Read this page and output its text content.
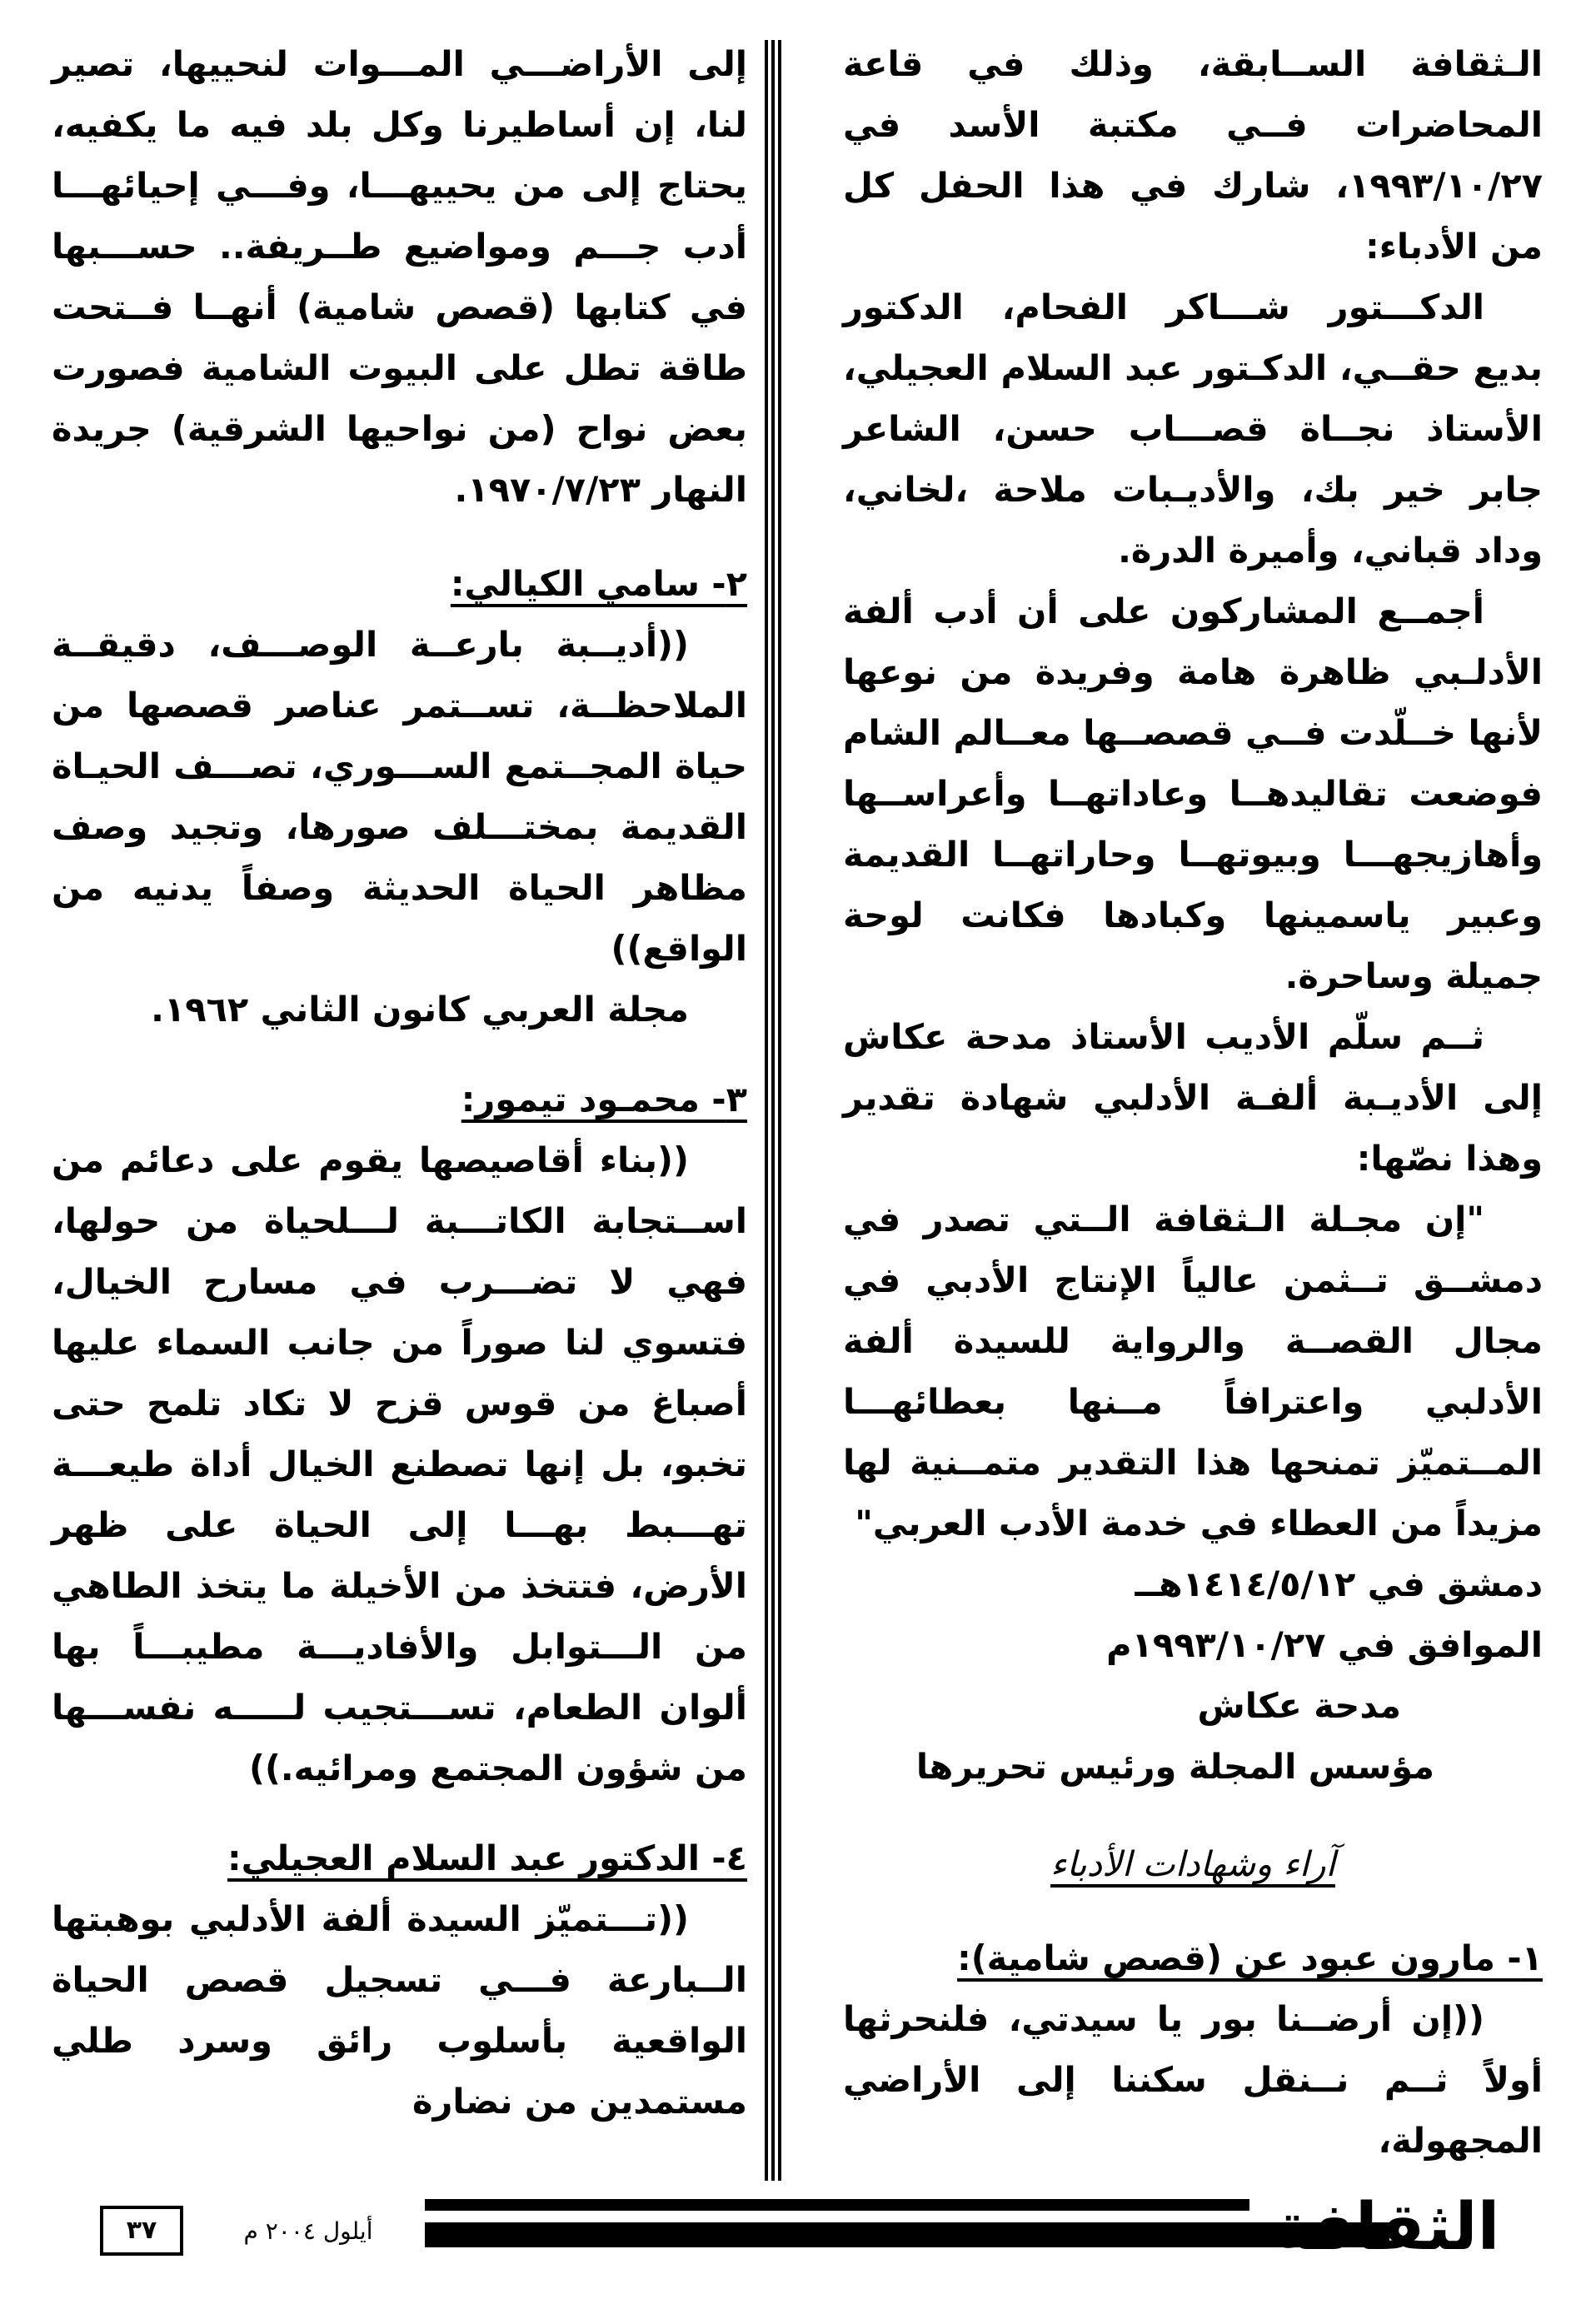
الـثقافة الســابقة، وذلك في قاعة المحاضرات فــي مكتبة الأسد في ١٩٩٣/١٠/٢٧، شارك في هذا الحفل كل من الأدباء:

الدكـــتور شـــاكر الفحام، الدكتور بديع حقــي، الدكـتور عبد السلام العجيلي، الأستاذ نجــاة قصـــاب حسن، الشاعر جابر خير بك، والأديـبات ملاحة ،لخاني، وداد قباني، وأميرة الدرة.

أجمــع المشاركون على أن أدب ألفة الأدلـبي ظاهرة هامة وفريدة من نوعها لأنها خــلّدت فــي قصصــها معــالم الشام فوضعت تقاليدهــا وعاداتهــا وأعراســها وأهازيجهـــا وبيوتهــا وحاراتهــا القديمة وعبير ياسمينها وكبادها فكانت لوحة جميلة وساحرة.

ثــم سلّم الأديب الأستاذ مدحة عكاش إلى الأديـبة ألفـة الأدلبي شهادة تقدير وهذا نصّها:

"إن مجـلة الـثقافة الــتي تصدر في دمشــق تــثمن عالياً الإنتاج الأدبي في مجال القصــة والرواية للسيدة ألفة الأدلبي واعترافاً مــنها بعطائهـــا المــتميّز تمنحها هذا التقدير متمــنية لها مزيداً من العطاء في خدمة الأدب العربي"

دمشق في ١٤١٤/٥/١٢هــ

الموافق في ١٩٩٣/١٠/٢٧م

مدحة عكاش

مؤسس المجلة ورئيس تحريرها

آراء وشهادات الأدباء

١- مارون عبود عن (قصص شامية):

((إن أرضــنا بور يا سيدتي، فلنحرثها أولاً ثــم نــنقل سكننا إلى الأراضي المجهولة،

إلى الأراضـــي المـــوات لنحييها، تصير لنا، إن أساطيرنا وكل بلد فيه ما يكفيه، يحتاج إلى من يحييهـــا، وفـــي إحيائهـــا أدب جـــم ومواضيع طــريفة.. حســـبها في كتابها (قصص شامية) أنهــا فــتحت طاقة تطل على البيوت الشامية فصورت بعض نواح (من نواحيها الشرقية) جريدة النهار ١٩٧٠/٧/٢٣.

٢- سامي الكيالي:

((أديــبة بارعــة الوصـــف، دقيقــة الملاحظــة، تســتمر عناصر قصصها من حياة المجــتمع الســـوري، تصـــف الحيـاة القديمة بمختـــلف صورها، وتجيد وصف مظاهر الحياة الحديثة وصفاً يدنيه من الواقع))

مجلة العربي كانون الثاني ١٩٦٢.

٣- محمـود تيمور:

((بناء أقاصيصها يقوم على دعائم من اســتجابة الكاتـــبة لـــلحياة من حولها، فهي لا تضـــرب في مسارح الخيال، فتسوي لنا صوراً من جانب السماء عليها أصباغ من قوس قزح لا تكاد تلمح حتى تخبو، بل إنها تصطنع الخيال أداة طيعـــة تهـــبط بهـــا إلى الحياة على ظهر الأرض، فتتخذ من الأخيلة ما يتخذ الطاهي من الـــتوابل والأفاديـــة مطيبـــاً بها ألوان الطعام، تســـتجيب لـــــه نفســـها من شؤون المجتمع ومرائيه.))

٤- الدكتور عبد السلام العجيلي:

((تـــتميّز السيدة ألفة الأدلبي بوهبتها الــبارعة فـــي تسجيل قصص الحياة الواقعية بأسلوب رائق وسرد طلي مستمدين من نضارة

الثقافة
أيلول ٢٠٠٤ م
٣٧
